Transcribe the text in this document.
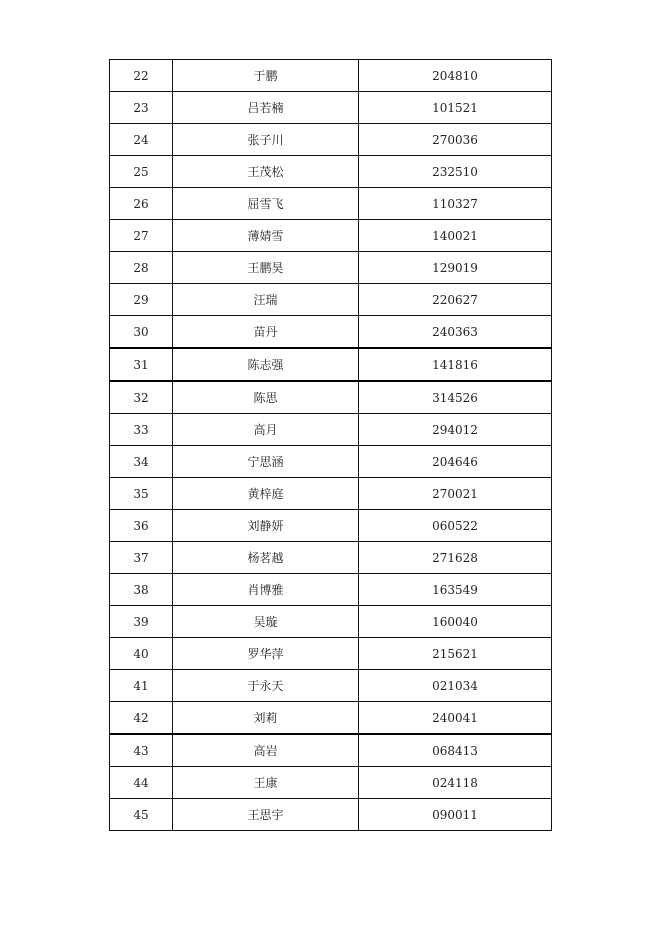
22	于鹏	204810
23	吕若楠	101521
24	张子川	270036
25	王茂松	232510
26	屈雪飞	110327
27	薄婧雪	140021
28	王鹏昊	129019
29	汪瑞	220627
30	苗丹	240363
31	陈志强	141816
32	陈思	314526
33	高月	294012
34	宁思涵	204646
35	黄梓庭	270021
36	刘静妍	060522
37	杨茗越	271628
38	肖博雅	163549
39	吴璇	160040
40	罗华萍	215621
41	于永天	021034
42	刘莉	240041
43	高岩	068413
44	王康	024118
45	王思宇	090011
